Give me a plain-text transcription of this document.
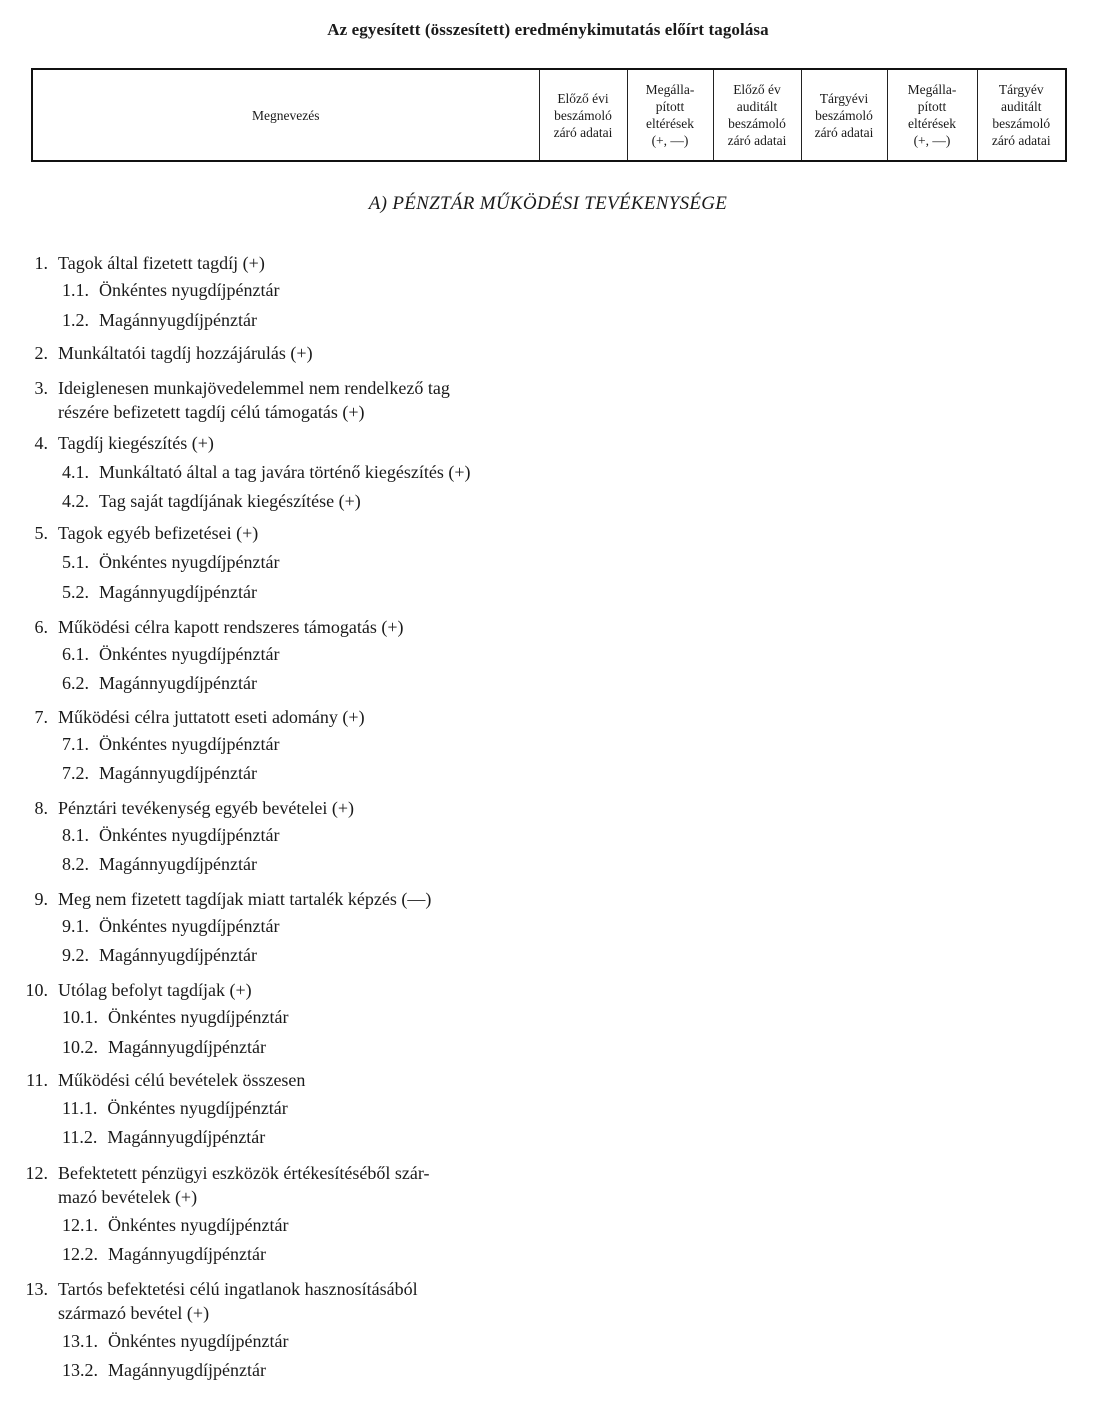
Az egyesített (összesített) eredménykimutatás előírt tagolása
Megnevezés	Előző évi
beszámoló
záró adatai	Megálla-
pított
eltérések
(+, —)	Előző év
auditált
beszámoló
záró adatai	Tárgyévi
beszámoló
záró adatai	Megálla-
pított
eltérések
(+, —)	Tárgyév
auditált
beszámoló
záró adatai
A) PÉNZTÁR MŰKÖDÉSI TEVÉKENYSÉGE
1. Tagok által fizetett tagdíj (+)
1.1. Önkéntes nyugdíjpénztár
1.2. Magánnyugdíjpénztár
2. Munkáltatói tagdíj hozzájárulás (+)
3. Ideiglenesen munkajövedelemmel nem rendelkező tag
részére befizetett tagdíj célú támogatás (+)
4. Tagdíj kiegészítés (+)
4.1. Munkáltató által a tag javára történő kiegészítés (+)
4.2. Tag saját tagdíjának kiegészítése (+)
5. Tagok egyéb befizetései (+)
5.1. Önkéntes nyugdíjpénztár
5.2. Magánnyugdíjpénztár
6. Működési célra kapott rendszeres támogatás (+)
6.1. Önkéntes nyugdíjpénztár
6.2. Magánnyugdíjpénztár
7. Működési célra juttatott eseti adomány (+)
7.1. Önkéntes nyugdíjpénztár
7.2. Magánnyugdíjpénztár
8. Pénztári tevékenység egyéb bevételei (+)
8.1. Önkéntes nyugdíjpénztár
8.2. Magánnyugdíjpénztár
9. Meg nem fizetett tagdíjak miatt tartalék képzés (—)
9.1. Önkéntes nyugdíjpénztár
9.2. Magánnyugdíjpénztár
10. Utólag befolyt tagdíjak (+)
10.1. Önkéntes nyugdíjpénztár
10.2. Magánnyugdíjpénztár
11. Működési célú bevételek összesen
11.1. Önkéntes nyugdíjpénztár
11.2. Magánnyugdíjpénztár
12. Befektetett pénzügyi eszközök értékesítéséből szár-
mazó bevételek (+)
12.1. Önkéntes nyugdíjpénztár
12.2. Magánnyugdíjpénztár
13. Tartós befektetési célú ingatlanok hasznosításából
származó bevétel (+)
13.1. Önkéntes nyugdíjpénztár
13.2. Magánnyugdíjpénztár
